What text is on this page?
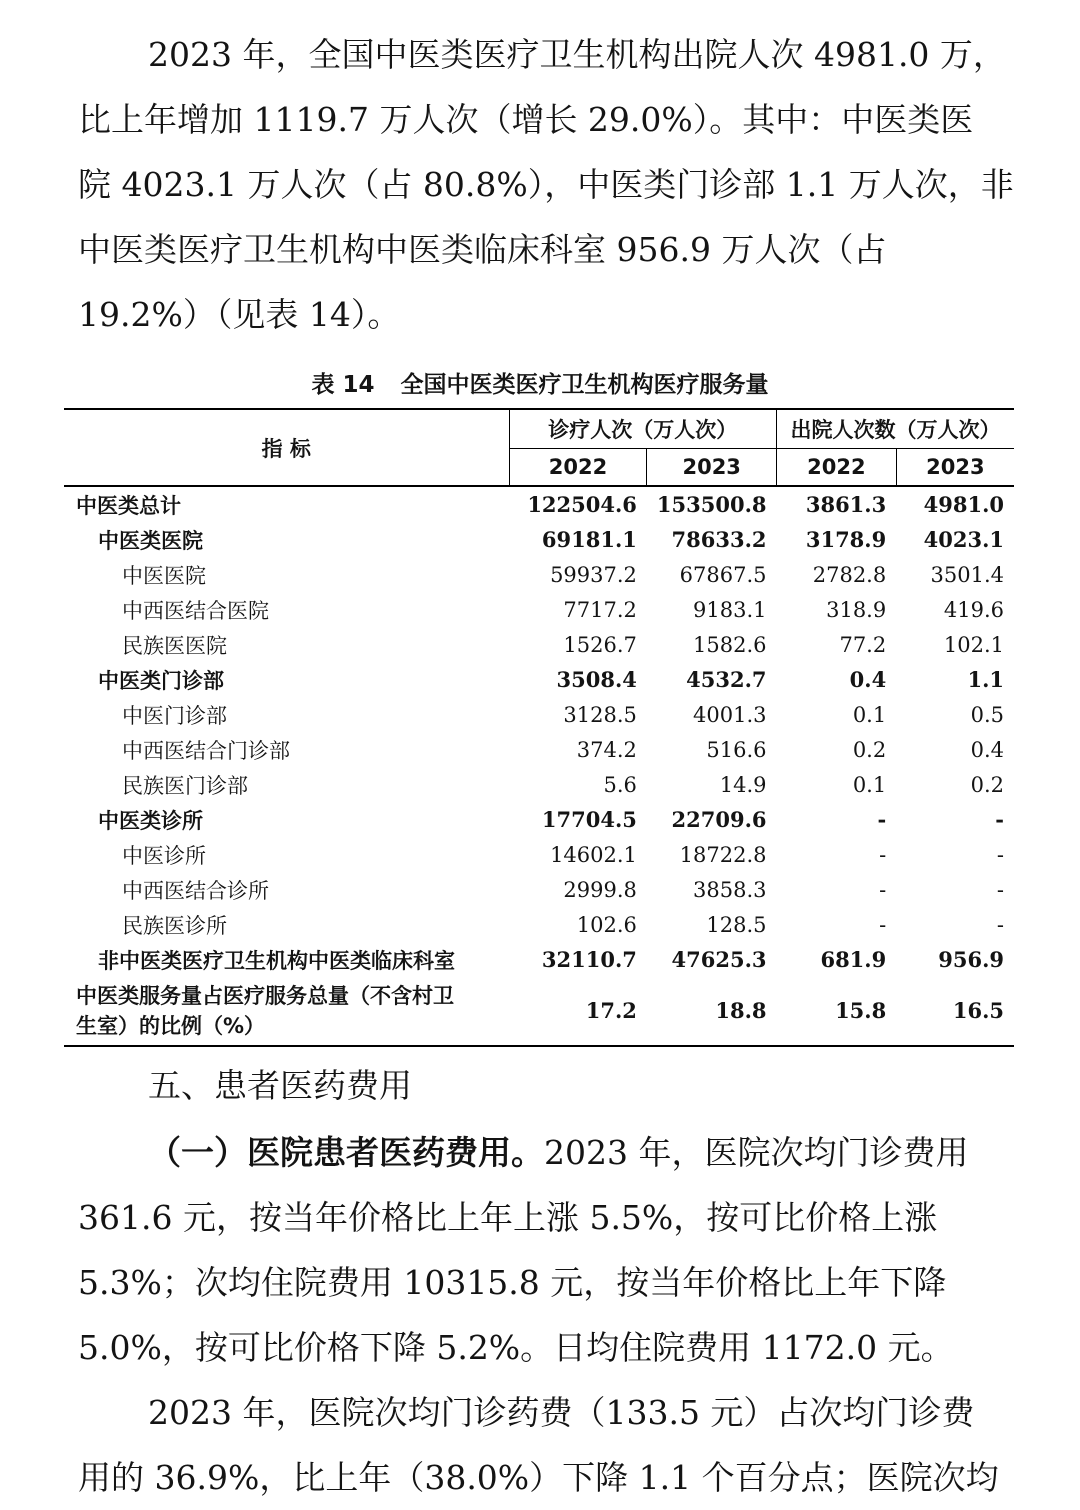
2023 年，全国中医类医疗卫生机构出院人次 4981.0 万，
比上年增加 1119.7 万人次（增长 29.0%）。其中：中医类医
院 4023.1 万人次（占 80.8%），中医类门诊部 1.1 万人次，非
中医类医疗卫生机构中医类临床科室 956.9 万人次（占
19.2%）（见表 14）。
表 14 全国中医类医疗卫生机构医疗服务量
指 标	诊疗人次（万人次）		出院人次数（万人次）	
	2022	2023	2022	2023
中医类总计	122504.6	153500.8	3861.3	4981.0
中医类医院	69181.1	78633.2	3178.9	4023.1
中医医院	59937.2	67867.5	2782.8	3501.4
中西医结合医院	7717.2	9183.1	318.9	419.6
民族医医院	1526.7	1582.6	77.2	102.1
中医类门诊部	3508.4	4532.7	0.4	1.1
中医门诊部	3128.5	4001.3	0.1	0.5
中西医结合门诊部	374.2	516.6	0.2	0.4
民族医门诊部	5.6	14.9	0.1	0.2
中医类诊所	17704.5	22709.6	-	-
中医诊所	14602.1	18722.8	-	-
中西医结合诊所	2999.8	3858.3	-	-
民族医诊所	102.6	128.5	-	-
非中医类医疗卫生机构中医类临床科室	32110.7	47625.3	681.9	956.9
中医类服务量占医疗服务总量（不含村卫
生室）的比例（%）	17.2	18.8	15.8	16.5
五、患者医药费用
（一）医院患者医药费用。2023 年，医院次均门诊费用
361.6 元，按当年价格比上年上涨 5.5%，按可比价格上涨
5.3%；次均住院费用 10315.8 元，按当年价格比上年下降
5.0%，按可比价格下降 5.2%。日均住院费用 1172.0 元。
2023 年，医院次均门诊药费（133.5 元）占次均门诊费
用的 36.9%，比上年（38.0%）下降 1.1 个百分点；医院次均
